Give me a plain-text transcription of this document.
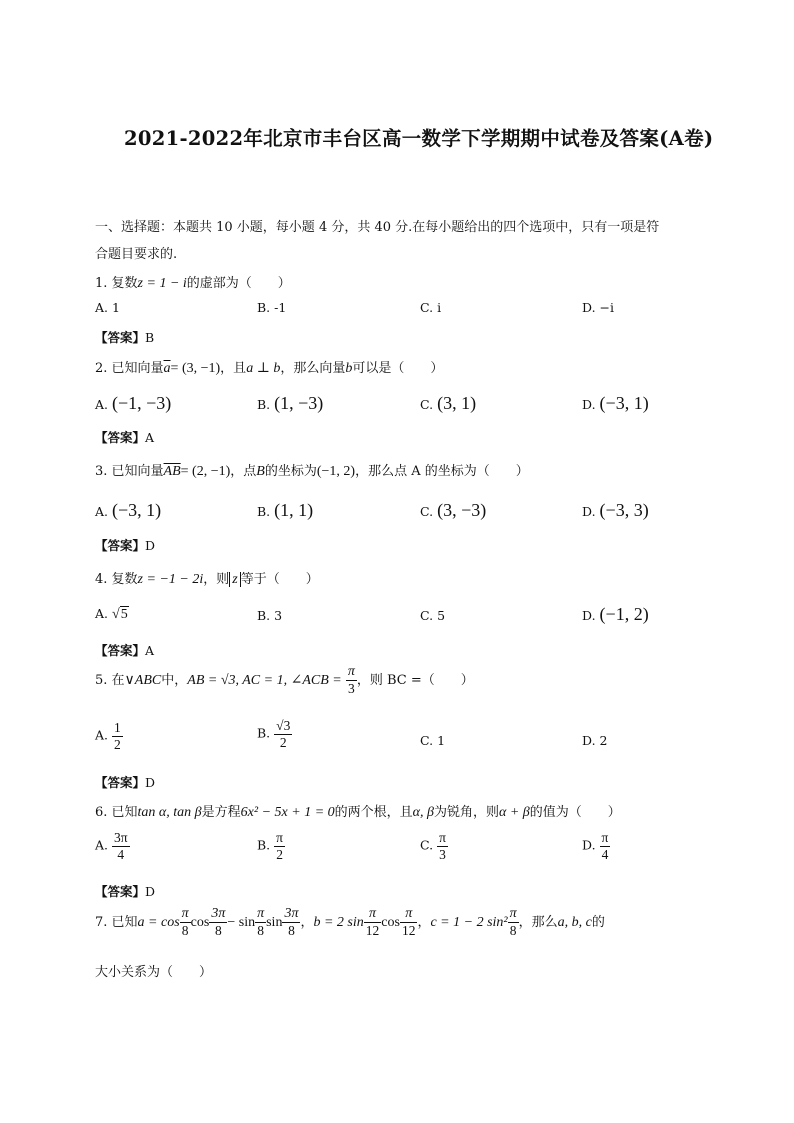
2021-2022年北京市丰台区高一数学下学期期中试卷及答案(A卷)
一、选择题：本题共 10 小题，每小题 4 分，共 40 分.在每小题给出的四个选项中，只有一项是符
合题目要求的.
1. 复数z = 1 − i的虚部为（　　）
A. 1	B. -1	C. i	D. −i
【答案】B
2. 已知向量$\overline{a}= (3$, −1)，且a ⊥ b，那么向量b可以是（　　）
A. (−1, −3)	B. (1, −3)	C. (3, 1)	D. (−3, 1)
【答案】A
3. 已知向量$\overline{AB}= (2$, −1)，点B的坐标为(−1, 2)，那么点 A 的坐标为（　　）
A. (−3, 1)	B. (1, 1)	C. (3, −3)	D. (−3, 3)
【答案】D
4. 复数z = −1 − 2i，则 z 等于（　　）
A. √5	B. 3	C. 5	D. (−1, 2)
【答案】A
5. 在∨ABC中，AB = √3, AC = 1, ∠ACB = $\frac{\pi}{3}$ ，则 BC =（　　）
A. $\frac{1}{2}$	B. $\frac{√3}{2}$	C. 1	D. 2
【答案】D
6. 已知tan α, tan β是方程6x² − 5x + 1 = 0的两个根，且α, β为锐角，则α + β的值为（　　）
A. $\frac{3\pi}{4}$	B. $\frac{\pi}{2}$	C. $\frac{\pi}{3}$	D. $\frac{\pi}{4}$
【答案】D
7. 已知$a = \cos \frac{\pi}{8}$ $\cos \frac{3\pi}{8} - \sin \frac{\pi}{8}$ $\sin \frac{3\pi}{8}$ ，b = 2 $\sin \frac{\pi}{12}$ $\cos \frac{\pi}{12}$ ，c = 1 − 2 $\sin^2 \frac{\pi}{8}$ ，那么a, b, c的
大小关系为（　　）
